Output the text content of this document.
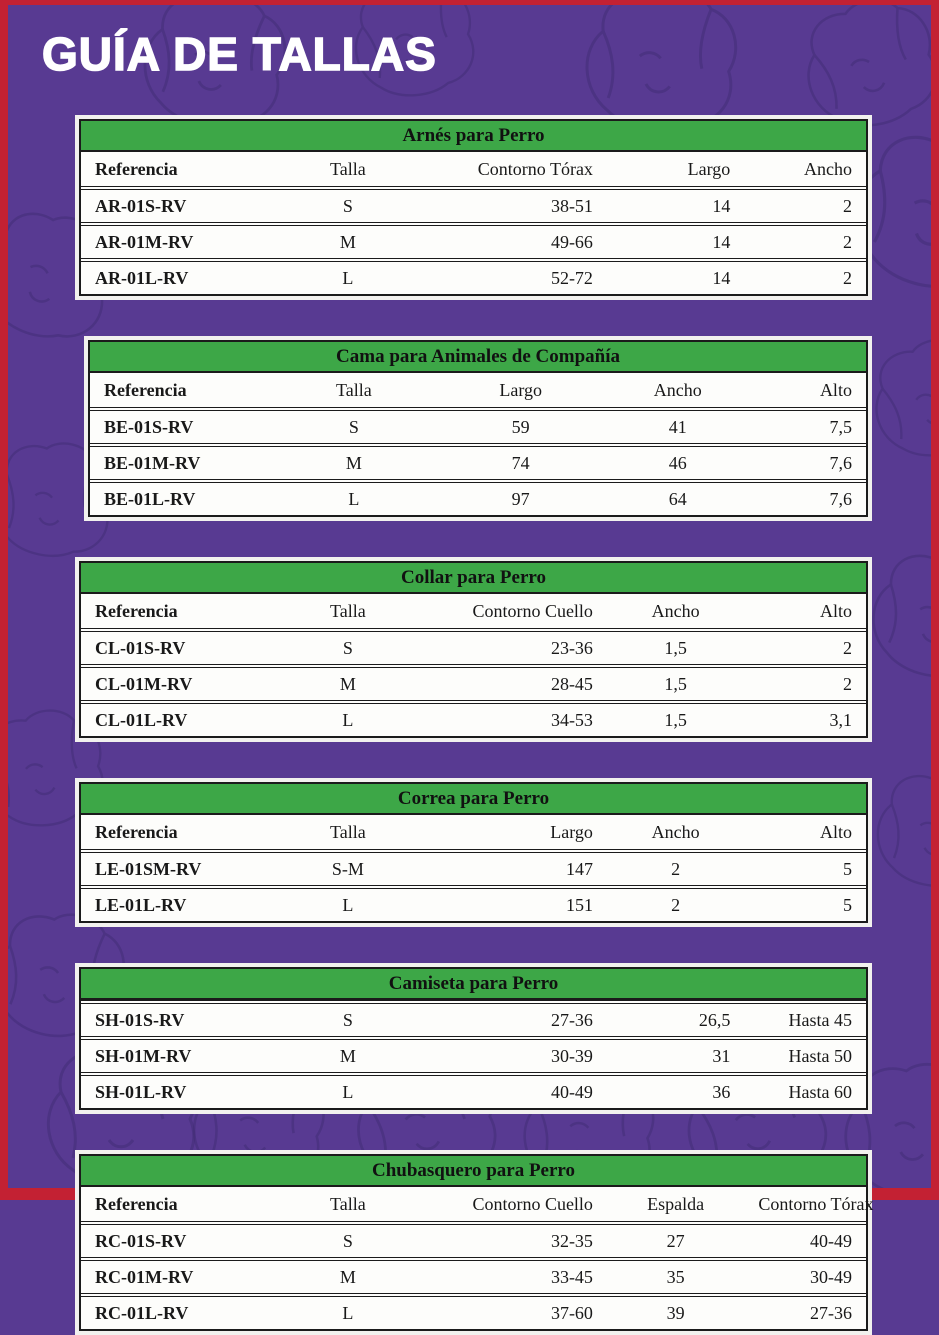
GUÍA DE TALLAS
Arnés para Perro
Referencia	Talla	Contorno Tórax	Largo	Ancho
AR-01S-RV	S	38-51	14	2
AR-01M-RV	M	49-66	14	2
AR-01L-RV	L	52-72	14	2
Cama para Animales de Compañía
Referencia	Talla	Largo	Ancho	Alto
BE-01S-RV	S	59	41	7,5
BE-01M-RV	M	74	46	7,6
BE-01L-RV	L	97	64	7,6
Collar para Perro
Referencia	Talla	Contorno Cuello	Ancho	Alto
CL-01S-RV	S	23-36	1,5	2
CL-01M-RV	M	28-45	1,5	2
CL-01L-RV	L	34-53	1,5	3,1
Correa para Perro
Referencia	Talla	Largo	Ancho	Alto
LE-01SM-RV	S-M	147	2	5
LE-01L-RV	L	151	2	5
Camiseta para Perro
SH-01S-RV	S	27-36	26,5	Hasta 45
SH-01M-RV	M	30-39	31	Hasta 50
SH-01L-RV	L	40-49	36	Hasta 60
Chubasquero para Perro
Referencia	Talla	Contorno Cuello	Espalda	Contorno Tórax
RC-01S-RV	S	32-35	27	40-49
RC-01M-RV	M	33-45	35	30-49
RC-01L-RV	L	37-60	39	27-36
